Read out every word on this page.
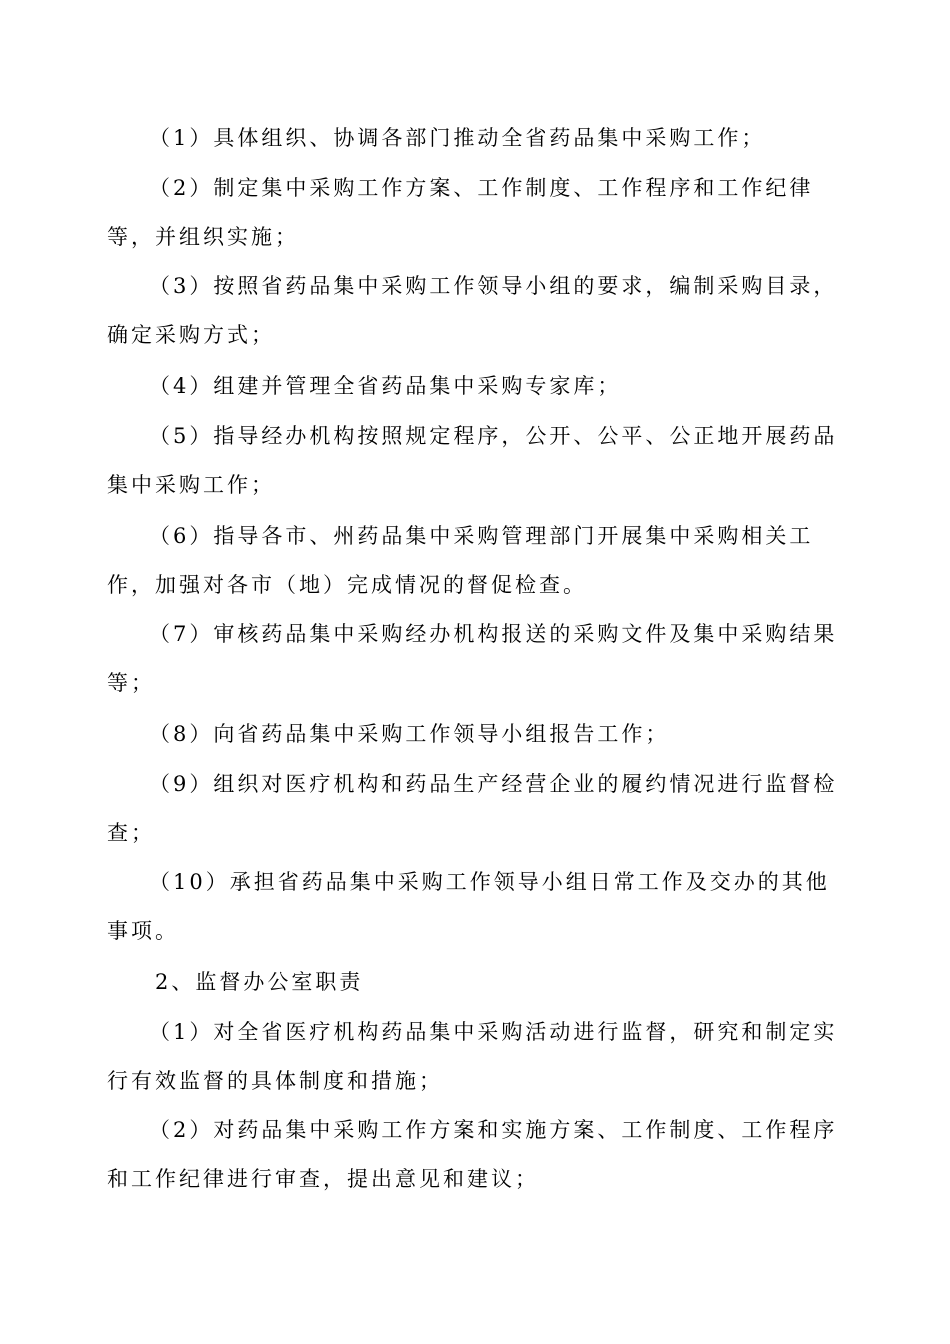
（1）具体组织、协调各部门推动全省药品集中采购工作；

（2）制定集中采购工作方案、工作制度、工作程序和工作纪律等，并组织实施；

（3）按照省药品集中采购工作领导小组的要求，编制采购目录，确定采购方式；

（4）组建并管理全省药品集中采购专家库；

（5）指导经办机构按照规定程序，公开、公平、公正地开展药品集中采购工作；

（6）指导各市、州药品集中采购管理部门开展集中采购相关工作，加强对各市（地）完成情况的督促检查。

（7）审核药品集中采购经办机构报送的采购文件及集中采购结果等；

（8）向省药品集中采购工作领导小组报告工作；

（9）组织对医疗机构和药品生产经营企业的履约情况进行监督检查；

（10）承担省药品集中采购工作领导小组日常工作及交办的其他事项。

2、监督办公室职责

（1）对全省医疗机构药品集中采购活动进行监督，研究和制定实行有效监督的具体制度和措施；

（2）对药品集中采购工作方案和实施方案、工作制度、工作程序和工作纪律进行审查，提出意见和建议；
